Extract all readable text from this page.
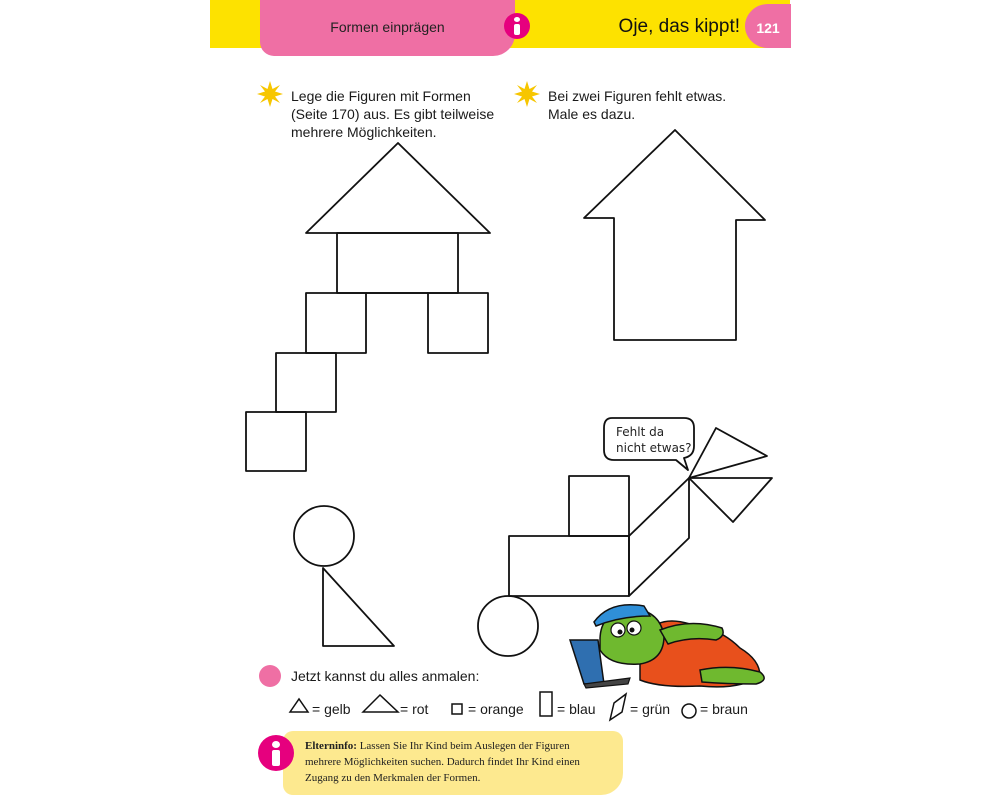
Formen einprägen	Oje, das kippt!	121
Lege die Figuren mit Formen
(Seite 170) aus. Es gibt teilweise
mehrere Möglichkeiten.
Bei zwei Figuren fehlt etwas.
Male es dazu.
Fehlt da
nicht etwas?
Jetzt kannst du alles anmalen:
= gelb	= rot	= orange = blau = grün = braun
Elterninfo: Lassen Sie Ihr Kind beim Auslegen der Figuren
mehrere Möglichkeiten suchen. Dadurch findet Ihr Kind einen
Zugang zu den Merkmalen der Formen.
